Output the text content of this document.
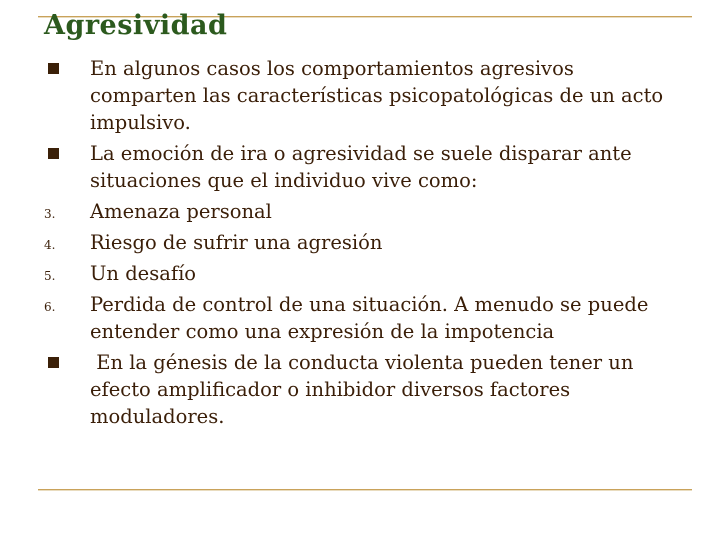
Agresividad
En algunos casos los comportamientos agresivos comparten las características psicopatológicas de un acto impulsivo.
La emoción de ira o agresividad se suele disparar ante situaciones que el individuo vive como:
3. Amenaza personal
4. Riesgo de sufrir una agresión
5. Un desafío
6. Perdida de control de una situación. A menudo se puede entender como una expresión de la impotencia
En la génesis de la conducta violenta pueden tener un efecto amplificador o inhibidor diversos factores moduladores.
